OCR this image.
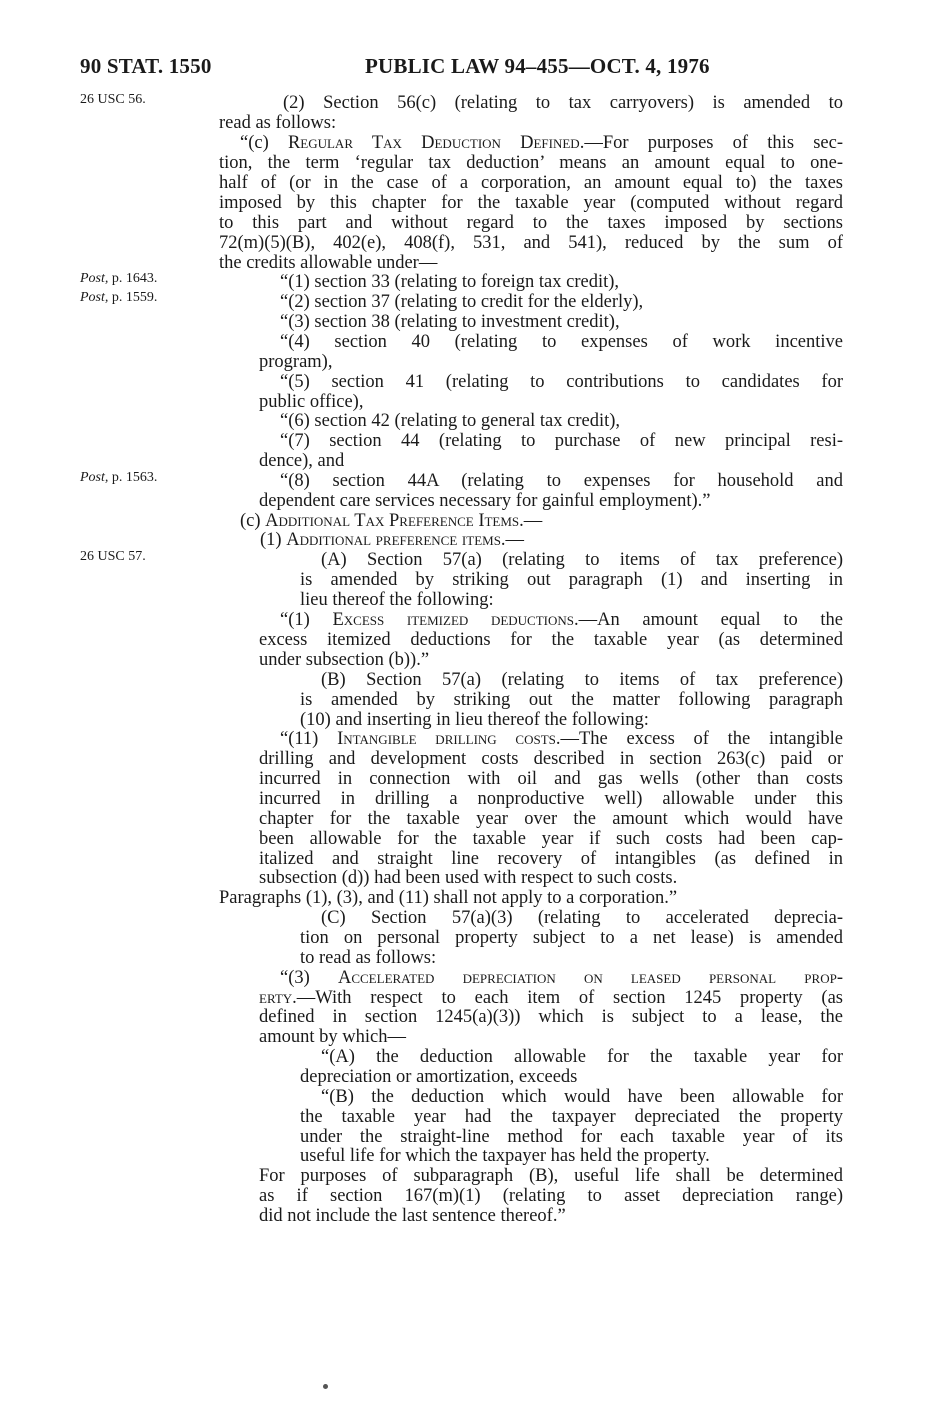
90 STAT. 1550	PUBLIC LAW 94–455—OCT. 4, 1976
26 USC 56.
Post, p. 1643.
Post, p. 1559.
Post, p. 1563.
26 USC 57.
(2) Section 56(c) (relating to tax carryovers) is amended to
read as follows:
“(c) Regular Tax Deduction Defined.—For purposes of this sec-
tion, the term ‘regular tax deduction’ means an amount equal to one-
half of (or in the case of a corporation, an amount equal to) the taxes
imposed by this chapter for the taxable year (computed without regard
to this part and without regard to the taxes imposed by sections
72(m)(5)(B), 402(e), 408(f), 531, and 541), reduced by the sum of
the credits allowable under—
“(1) section 33 (relating to foreign tax credit),
“(2) section 37 (relating to credit for the elderly),
“(3) section 38 (relating to investment credit),
“(4) section 40 (relating to expenses of work incentive
program),
“(5) section 41 (relating to contributions to candidates for
public office),
“(6) section 42 (relating to general tax credit),
“(7) section 44 (relating to purchase of new principal resi-
dence), and
“(8) section 44A (relating to expenses for household and
dependent care services necessary for gainful employment).”
(c) Additional Tax Preference Items.—
(1) Additional preference items.—
(A) Section 57(a) (relating to items of tax preference)
is amended by striking out paragraph (1) and inserting in
lieu thereof the following:
“(1) Excess itemized deductions.—An amount equal to the
excess itemized deductions for the taxable year (as determined
under subsection (b)).”
(B) Section 57(a) (relating to items of tax preference)
is amended by striking out the matter following paragraph
(10) and inserting in lieu thereof the following:
“(11) Intangible drilling costs.—The excess of the intangible
drilling and development costs described in section 263(c) paid or
incurred in connection with oil and gas wells (other than costs
incurred in drilling a nonproductive well) allowable under this
chapter for the taxable year over the amount which would have
been allowable for the taxable year if such costs had been cap-
italized and straight line recovery of intangibles (as defined in
subsection (d)) had been used with respect to such costs.
Paragraphs (1), (3), and (11) shall not apply to a corporation.”
(C) Section 57(a)(3) (relating to accelerated deprecia-
tion on personal property subject to a net lease) is amended
to read as follows:
“(3) Accelerated depreciation on leased personal prop-
erty.—With respect to each item of section 1245 property (as
defined in section 1245(a)(3)) which is subject to a lease, the
amount by which—
“(A) the deduction allowable for the taxable year for
depreciation or amortization, exceeds
“(B) the deduction which would have been allowable for
the taxable year had the taxpayer depreciated the property
under the straight-line method for each taxable year of its
useful life for which the taxpayer has held the property.
For purposes of subparagraph (B), useful life shall be determined
as if section 167(m)(1) (relating to asset depreciation range)
did not include the last sentence thereof.”
